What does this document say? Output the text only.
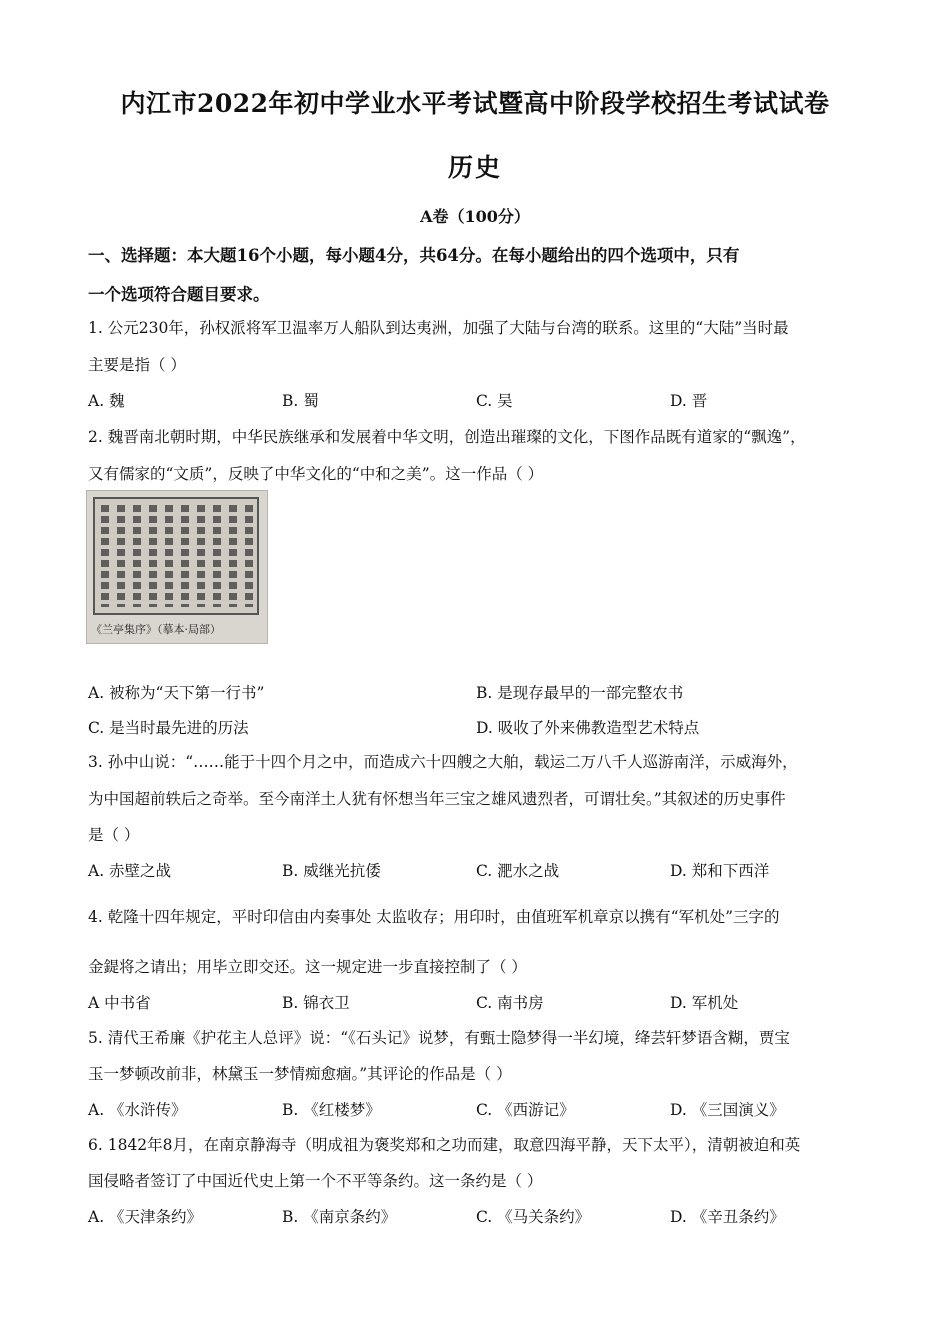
内江市2022年初中学业水平考试暨高中阶段学校招生考试试卷
历史
A卷（100分）
一、选择题：本大题16个小题，每小题4分，共64分。在每小题给出的四个选项中，只有
一个选项符合题目要求。
1. 公元230年，孙权派将军卫温率万人船队到达夷洲，加强了大陆与台湾的联系。这里的“大陆”当时最
主要是指（ ）
A. 魏	B. 蜀	C. 吴	D. 晋
2. 魏晋南北朝时期，中华民族继承和发展着中华文明，创造出璀璨的文化，下图作品既有道家的“飘逸”，
又有儒家的“文质”，反映了中华文化的“中和之美”。这一作品（ ）
《兰亭集序》（摹本·局部）
A. 被称为“天下第一行书”	B. 是现存最早的一部完整农书
C. 是当时最先进的历法	D. 吸收了外来佛教造型艺术特点
3. 孙中山说：“……能于十四个月之中，而造成六十四艘之大舶，载运二万八千人巡游南洋，示威海外，
为中国超前轶后之奇举。至今南洋土人犹有怀想当年三宝之雄风遗烈者，可谓壮矣。”其叙述的历史事件
是（ ）
A. 赤壁之战	B. 威继光抗倭	C. 淝水之战	D. 郑和下西洋
4. 乾隆十四年规定，平时印信由内奏事处 太监收存；用印时，由值班军机章京以携有“军机处”三字的
金鍉将之请出；用毕立即交还。这一规定进一步直接控制了（ ）
A 中书省	B. 锦衣卫	C. 南书房	D. 军机处
5. 清代王希廉《护花主人总评》说：“《石头记》说梦，有甄士隐梦得一半幻境，绛芸轩梦语含糊，贾宝
玉一梦顿改前非，林黛玉一梦情痴愈痼。”其评论的作品是（ ）
A. 《水浒传》	B. 《红楼梦》	C. 《西游记》	D. 《三国演义》
6. 1842年8月，在南京静海寺（明成祖为褒奖郑和之功而建，取意四海平静，天下太平），清朝被迫和英
国侵略者签订了中国近代史上第一个不平等条约。这一条约是（ ）
A. 《天津条约》	B. 《南京条约》	C. 《马关条约》	D. 《辛丑条约》
